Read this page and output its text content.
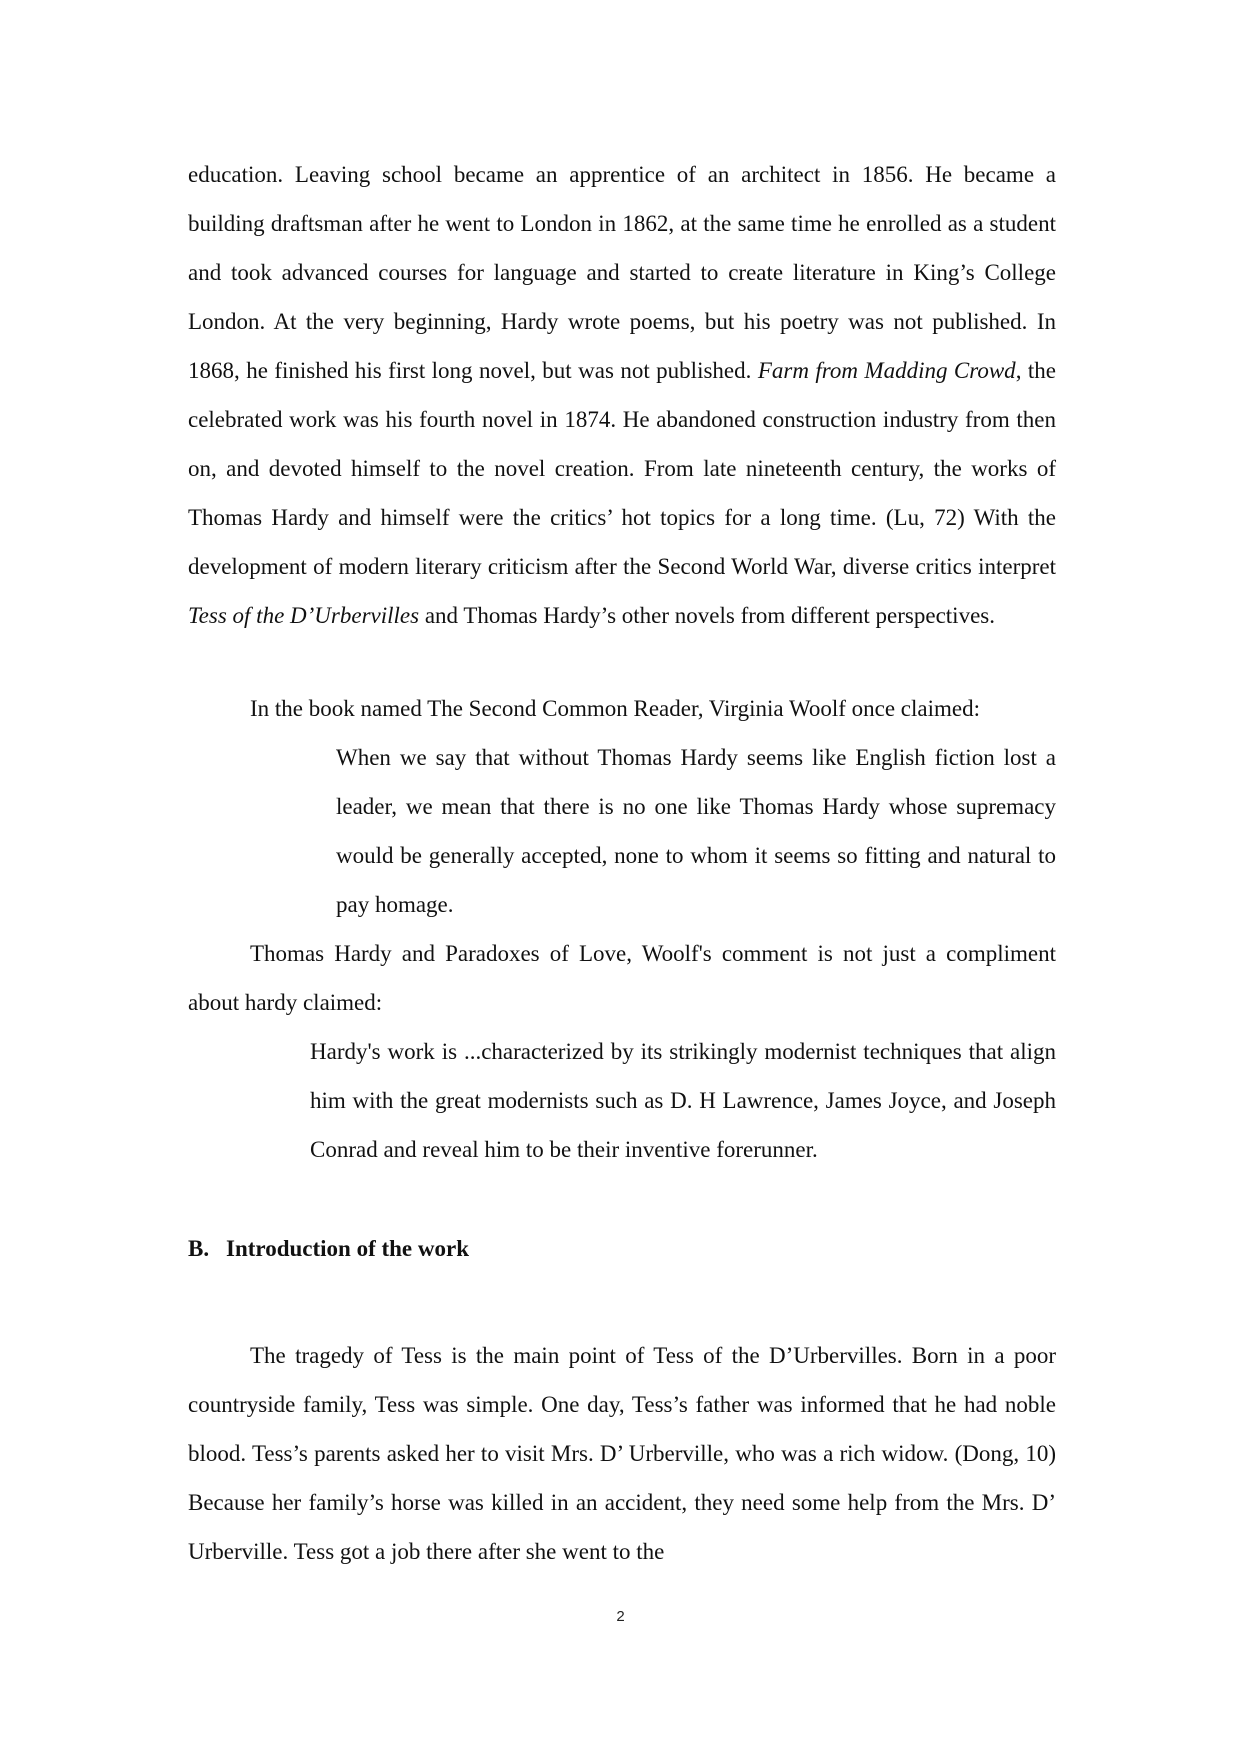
education. Leaving school became an apprentice of an architect in 1856. He became a building draftsman after he went to London in 1862, at the same time he enrolled as a student and took advanced courses for language and started to create literature in King’s College London. At the very beginning, Hardy wrote poems, but his poetry was not published. In 1868, he finished his first long novel, but was not published. Farm from Madding Crowd, the celebrated work was his fourth novel in 1874. He abandoned construction industry from then on, and devoted himself to the novel creation. From late nineteenth century, the works of Thomas Hardy and himself were the critics’ hot topics for a long time. (Lu, 72) With the development of modern literary criticism after the Second World War, diverse critics interpret Tess of the D’Urbervilles and Thomas Hardy’s other novels from different perspectives.

In the book named The Second Common Reader, Virginia Woolf once claimed:

When we say that without Thomas Hardy seems like English fiction lost a leader, we mean that there is no one like Thomas Hardy whose supremacy would be generally accepted, none to whom it seems so fitting and natural to pay homage.

Thomas Hardy and Paradoxes of Love, Woolf's comment is not just a compliment about hardy claimed:

Hardy's work is ...characterized by its strikingly modernist techniques that align him with the great modernists such as D. H Lawrence, James Joyce, and Joseph Conrad and reveal him to be their inventive forerunner.

B. Introduction of the work

The tragedy of Tess is the main point of Tess of the D’Urbervilles. Born in a poor countryside family, Tess was simple. One day, Tess’s father was informed that he had noble blood. Tess’s parents asked her to visit Mrs. D’ Urberville, who was a rich widow. (Dong, 10) Because her family’s horse was killed in an accident, they need some help from the Mrs. D’ Urberville. Tess got a job there after she went to the

2
